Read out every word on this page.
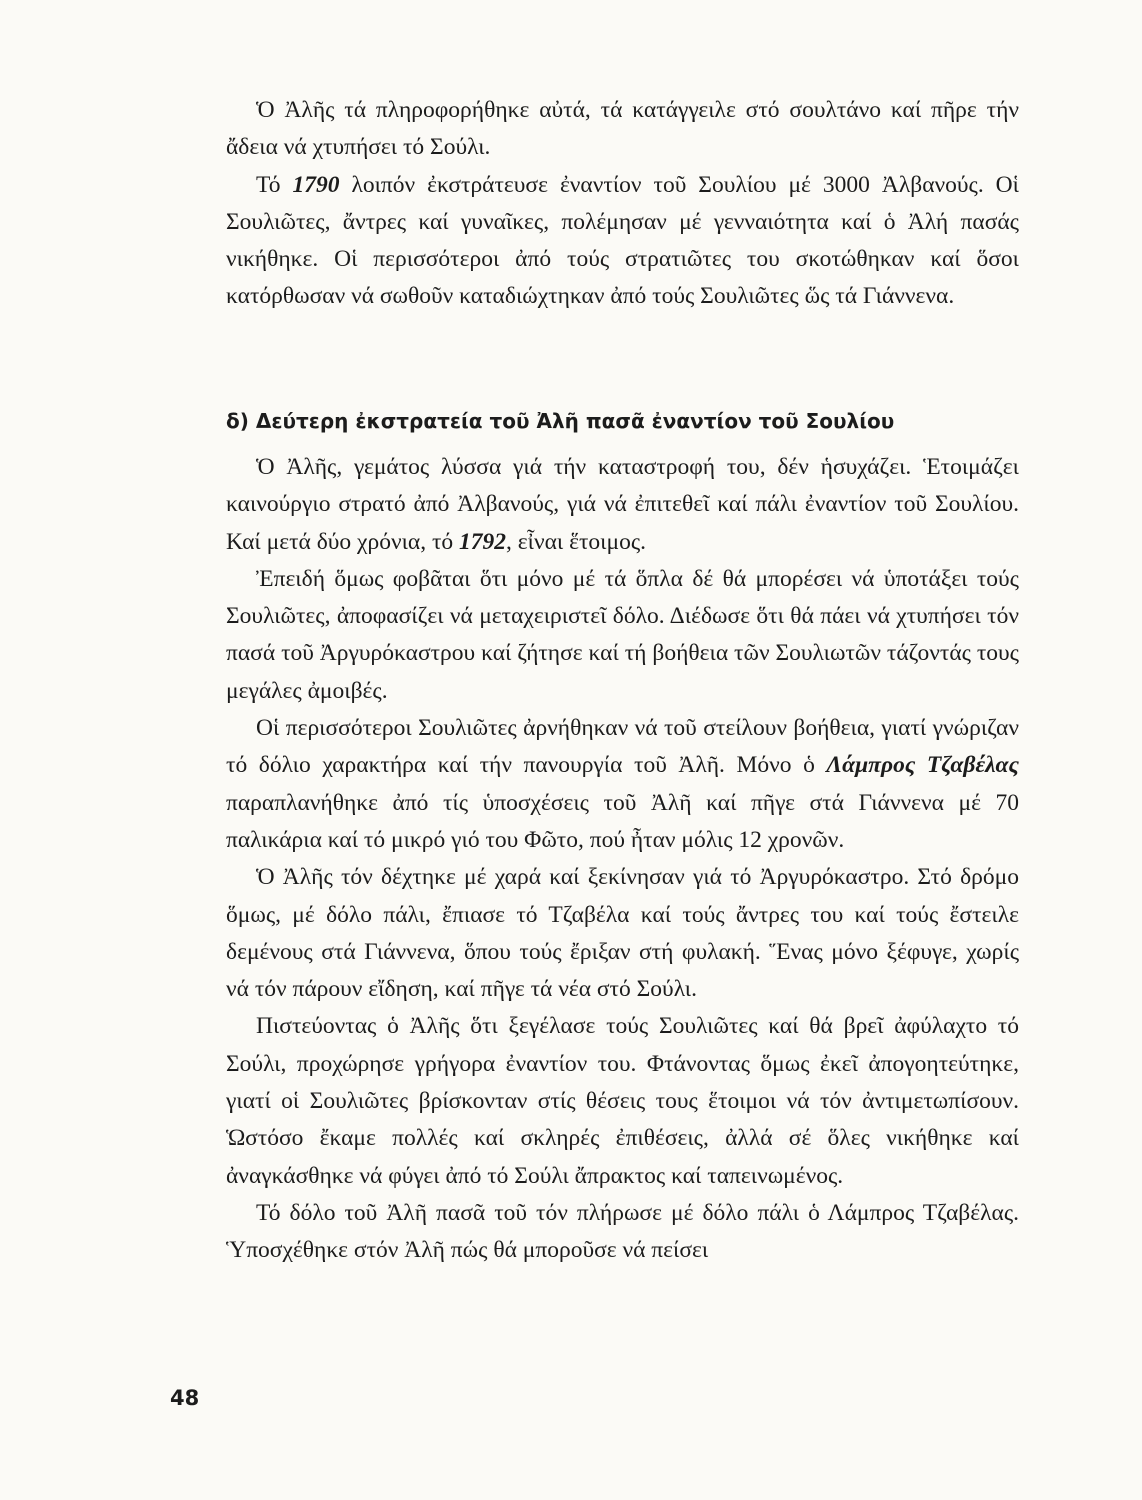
Ὁ Ἀλῆς τά πληροφορήθηκε αὐτά, τά κατάγγειλε στό σουλτάνο καί πῆρε τήν ἄδεια νά χτυπήσει τό Σούλι.

Τό 1790 λοιπόν ἐκστράτευσε ἐναντίον τοῦ Σουλίου μέ 3000 Ἀλβανούς. Οἱ Σουλιῶτες, ἄντρες καί γυναῖκες, πολέμησαν μέ γενναιότητα καί ὁ Ἀλή πασάς νικήθηκε. Οἱ περισσότεροι ἀπό τούς στρατιῶτες του σκοτώθηκαν καί ὅσοι κατόρθωσαν νά σωθοῦν καταδιώχτηκαν ἀπό τούς Σουλιῶτες ὥς τά Γιάννενα.

δ) Δεύτερη ἐκστρατεία τοῦ Ἀλῆ πασᾶ ἐναντίον τοῦ Σουλίου

Ὁ Ἀλῆς, γεμάτος λύσσα γιά τήν καταστροφή του, δέν ἡσυχάζει. Ἑτοιμάζει καινούργιο στρατό ἀπό Ἀλβανούς, γιά νά ἐπιτεθεῖ καί πάλι ἐναντίον τοῦ Σουλίου. Καί μετά δύο χρόνια, τό 1792, εἶναι ἕτοιμος.

Ἐπειδή ὅμως φοβᾶται ὅτι μόνο μέ τά ὅπλα δέ θά μπορέσει νά ὑποτάξει τούς Σουλιῶτες, ἀποφασίζει νά μεταχειριστεῖ δόλο. Διέδωσε ὅτι θά πάει νά χτυπήσει τόν πασά τοῦ Ἀργυρόκαστρου καί ζήτησε καί τή βοήθεια τῶν Σουλιωτῶν τάζοντάς τους μεγάλες ἀμοιβές.

Οἱ περισσότεροι Σουλιῶτες ἀρνήθηκαν νά τοῦ στείλουν βοήθεια, γιατί γνώριζαν τό δόλιο χαρακτήρα καί τήν πανουργία τοῦ Ἀλῆ. Μόνο ὁ Λάμπρος Τζαβέλας παραπλανήθηκε ἀπό τίς ὑποσχέσεις τοῦ Ἀλῆ καί πῆγε στά Γιάννενα μέ 70 παλικάρια καί τό μικρό γιό του Φῶτο, πού ἦταν μόλις 12 χρονῶν.

Ὁ Ἀλῆς τόν δέχτηκε μέ χαρά καί ξεκίνησαν γιά τό Ἀργυρόκαστρο. Στό δρόμο ὅμως, μέ δόλο πάλι, ἔπιασε τό Τζαβέλα καί τούς ἄντρες του καί τούς ἔστειλε δεμένους στά Γιάννενα, ὅπου τούς ἔριξαν στή φυλακή. Ἕνας μόνο ξέφυγε, χωρίς νά τόν πάρουν εἴδηση, καί πῆγε τά νέα στό Σούλι.

Πιστεύοντας ὁ Ἀλῆς ὅτι ξεγέλασε τούς Σουλιῶτες καί θά βρεῖ ἀφύλαχτο τό Σούλι, προχώρησε γρήγορα ἐναντίον του. Φτάνοντας ὅμως ἐκεῖ ἀπογοητεύτηκε, γιατί οἱ Σουλιῶτες βρίσκονταν στίς θέσεις τους ἕτοιμοι νά τόν ἀντιμετωπίσουν. Ὡστόσο ἔκαμε πολλές καί σκληρές ἐπιθέσεις, ἀλλά σέ ὅλες νικήθηκε καί ἀναγκάσθηκε νά φύγει ἀπό τό Σούλι ἄπρακτος καί ταπεινωμένος.

Τό δόλο τοῦ Ἀλῆ πασᾶ τοῦ τόν πλήρωσε μέ δόλο πάλι ὁ Λάμπρος Τζαβέλας. Ὑποσχέθηκε στόν Ἀλῆ πώς θά μποροῦσε νά πείσει

48
